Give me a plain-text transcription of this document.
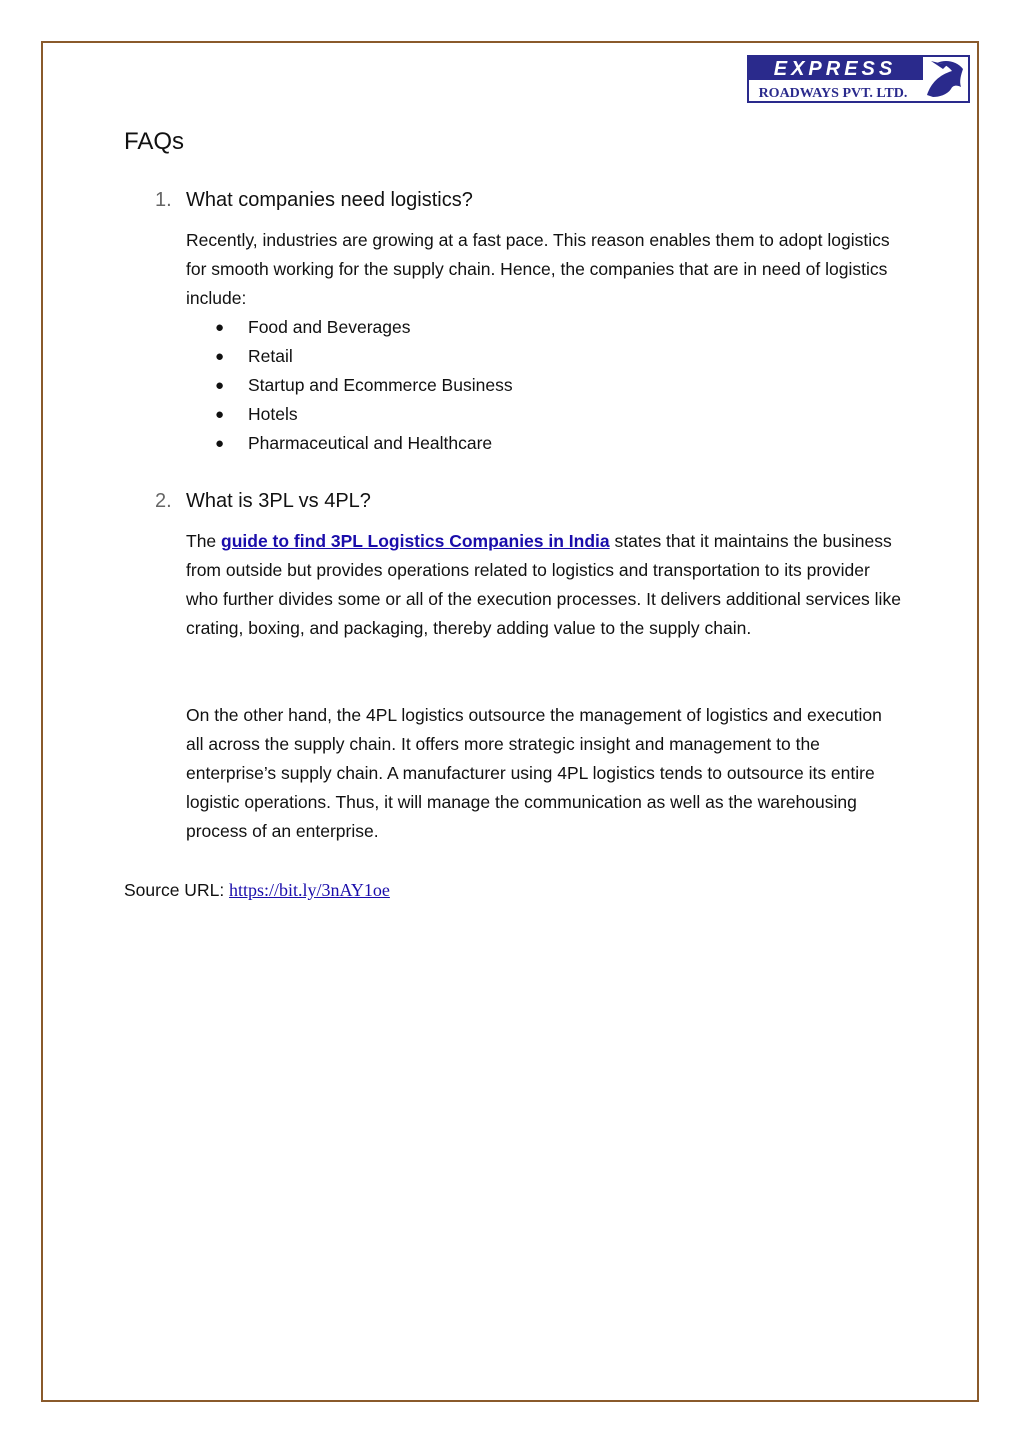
EXPRESS
ROADWAYS PVT. LTD.
FAQs
1. What companies need logistics?

Recently, industries are growing at a fast pace. This reason enables them to adopt logistics for smooth working for the supply chain. Hence, the companies that are in need of logistics include:

● Food and Beverages
● Retail
● Startup and Ecommerce Business
● Hotels
● Pharmaceutical and Healthcare
2. What is 3PL vs 4PL?

The guide to find 3PL Logistics Companies in India states that it maintains the business from outside but provides operations related to logistics and transportation to its provider who further divides some or all of the execution processes. It delivers additional services like crating, boxing, and packaging, thereby adding value to the supply chain.

On the other hand, the 4PL logistics outsource the management of logistics and execution all across the supply chain. It offers more strategic insight and management to the enterprise’s supply chain. A manufacturer using 4PL logistics tends to outsource its entire logistic operations. Thus, it will manage the communication as well as the warehousing process of an enterprise.

Source URL: https://bit.ly/3nAY1oe
